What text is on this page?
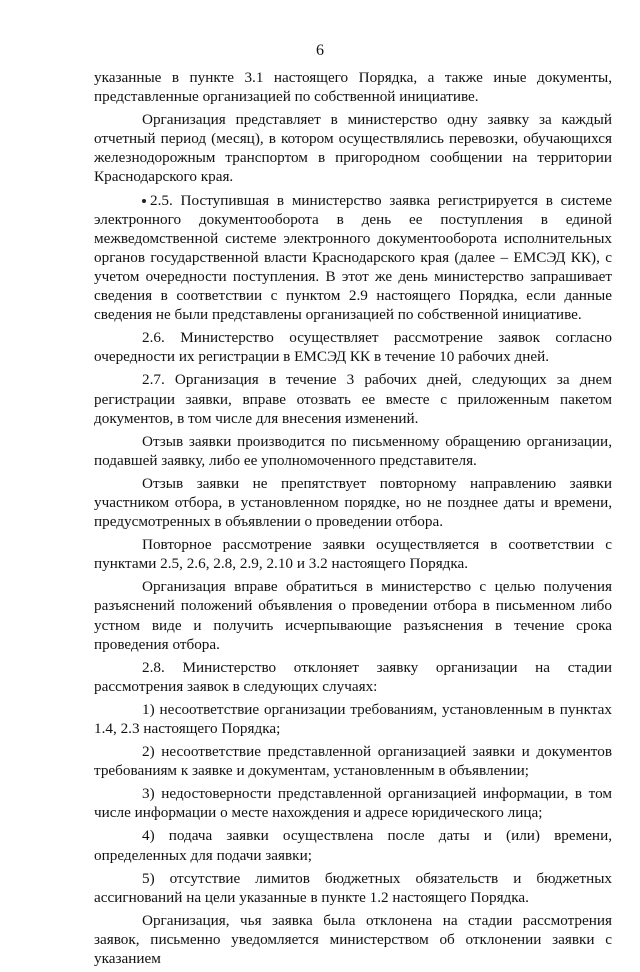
6

указанные в пункте 3.1 настоящего Порядка, а также иные документы, представленные организацией по собственной инициативе.

Организация представляет в министерство одну заявку за каждый отчетный период (месяц), в котором осуществлялись перевозки, обучающихся железнодорожным транспортом в пригородном сообщении на территории Краснодарского края.

2.5. Поступившая в министерство заявка регистрируется в системе электронного документооборота в день ее поступления в единой межведомственной системе электронного документооборота исполнительных органов государственной власти Краснодарского края (далее – ЕМСЭД КК), с учетом очередности поступления. В этот же день министерство запрашивает сведения в соответствии с пунктом 2.9 настоящего Порядка, если данные сведения не были представлены организацией по собственной инициативе.

2.6. Министерство осуществляет рассмотрение заявок согласно очередности их регистрации в ЕМСЭД КК в течение 10 рабочих дней.

2.7. Организация в течение 3 рабочих дней, следующих за днем регистрации заявки, вправе отозвать ее вместе с приложенным пакетом документов, в том числе для внесения изменений.

Отзыв заявки производится по письменному обращению организации, подавшей заявку, либо ее уполномоченного представителя.

Отзыв заявки не препятствует повторному направлению заявки участником отбора, в установленном порядке, но не позднее даты и времени, предусмотренных в объявлении о проведении отбора.

Повторное рассмотрение заявки осуществляется в соответствии с пунктами 2.5, 2.6, 2.8, 2.9, 2.10 и 3.2 настоящего Порядка.

Организация вправе обратиться в министерство с целью получения разъяснений положений объявления о проведении отбора в письменном либо устном виде и получить исчерпывающие разъяснения в течение срока проведения отбора.

2.8. Министерство отклоняет заявку организации на стадии рассмотрения заявок в следующих случаях:

1) несоответствие организации требованиям, установленным в пунктах 1.4, 2.3 настоящего Порядка;

2) несоответствие представленной организацией заявки и документов требованиям к заявке и документам, установленным в объявлении;

3) недостоверности представленной организацией информации, в том числе информации о месте нахождения и адресе юридического лица;

4) подача заявки осуществлена после даты и (или) времени, определенных для подачи заявки;

5) отсутствие лимитов бюджетных обязательств и бюджетных ассигнований на цели указанные в пункте 1.2 настоящего Порядка.

Организация, чья заявка была отклонена на стадии рассмотрения заявок, письменно уведомляется министерством об отклонении заявки с указанием
